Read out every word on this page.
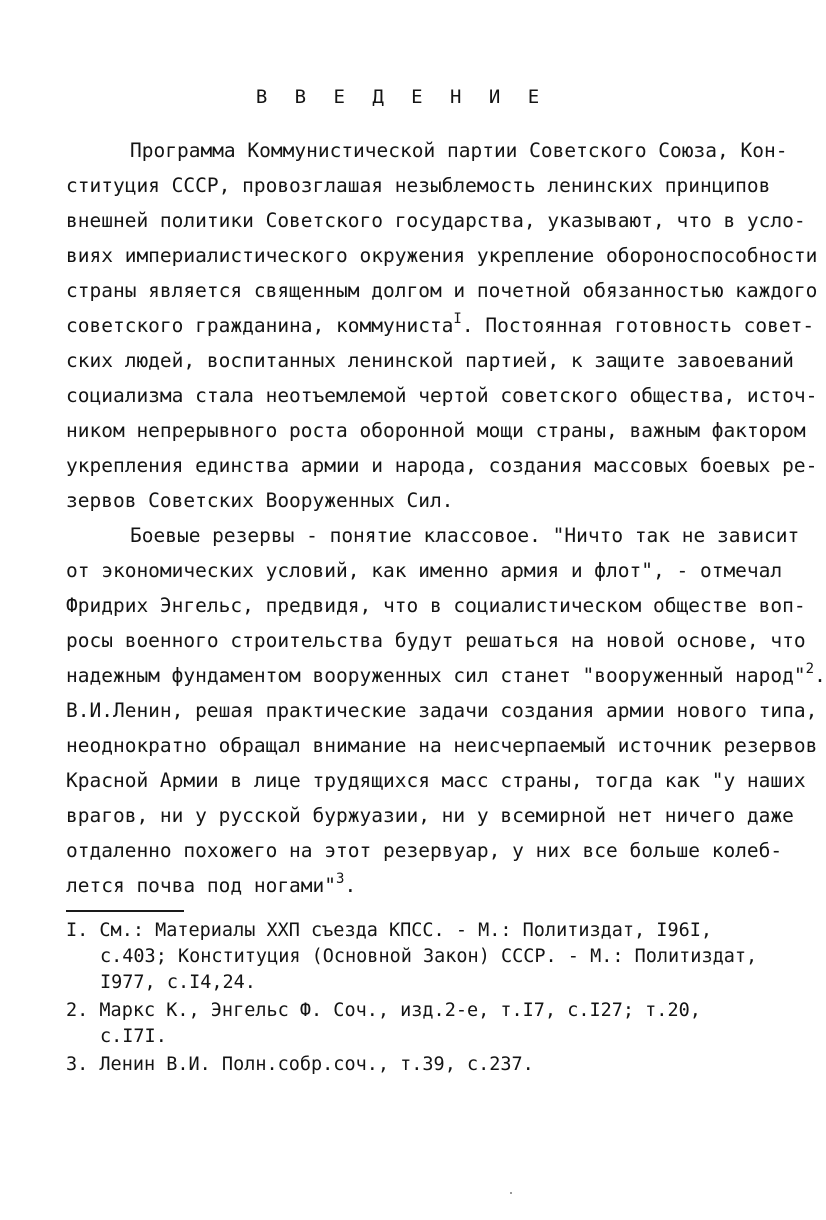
В В Е Д Е Н И Е
Программа Коммунистической партии Советского Союза, Кон-
ституция СССР, провозглашая незыблемость ленинских принципов
внешней политики Советского государства, указывают, что в усло-
виях империалистического окружения укрепление обороноспособности
страны является священным долгом и почетной обязанностью каждого
советского гражданина, коммуниста$^I$. Постоянная готовность совет-
ских людей, воспитанных ленинской партией, к защите завоеваний
социализма стала неотъемлемой чертой советского общества, источ-
ником непрерывного роста оборонной мощи страны, важным фактором
укрепления единства армии и народа, создания массовых боевых ре-
зервов Советских Вооруженных Сил.
Боевые резервы - понятие классовое. "Ничто так не зависит
от экономических условий, как именно армия и флот", - отмечал
Фридрих Энгельс, предвидя, что в социалистическом обществе воп-
росы военного строительства будут решаться на новой основе, что
надежным фундаментом вооруженных сил станет "вооруженный народ"$^2$.
В.И.Ленин, решая практические задачи создания армии нового типа,
неоднократно обращал внимание на неисчерпаемый источник резервов
Красной Армии в лице трудящихся масс страны, тогда как "у наших
врагов, ни у русской буржуазии, ни у всемирной нет ничего даже
отдаленно похожего на этот резервуар, у них все больше колеб-
лется почва под ногами"$^3$.
I. См.: Материалы ХХП съезда КПСС. - М.: Политиздат, I96I,
с.403; Конституция (Основной Закон) СССР. - М.: Политиздат,
I977, с.I4,24.
2. Маркс К., Энгельс Ф. Соч., изд.2-е, т.I7, с.I27; т.20,
с.I7I.
3. Ленин В.И. Полн.собр.соч., т.39, с.237.
